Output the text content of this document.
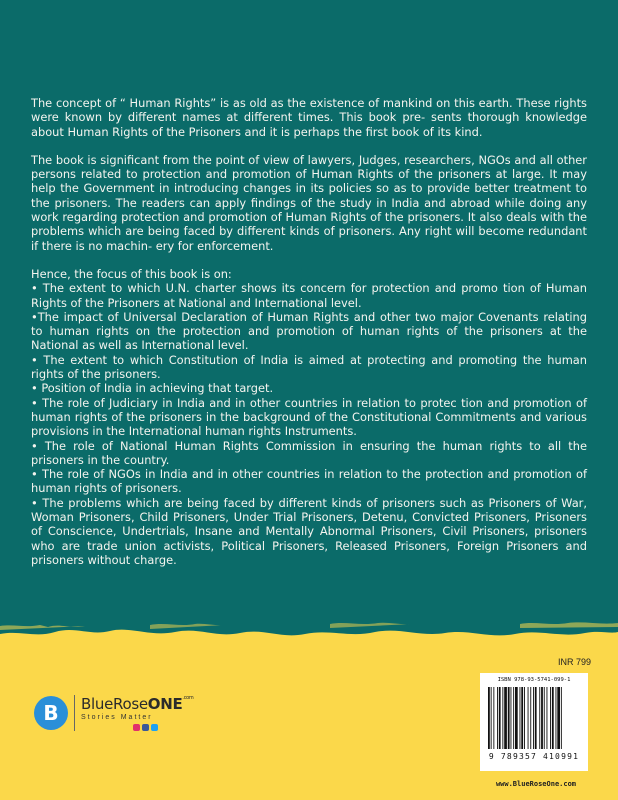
The concept of “ Human Rights” is as old as the existence of mankind on this earth. These rights were known by different names at different times. This book pre- sents thorough knowledge about Human Rights of the Prisoners and it is perhaps the first book of its kind.

The book is significant from the point of view of lawyers, Judges, researchers, NGOs and all other persons related to protection and promotion of Human Rights of the prisoners at large. It may help the Government in introducing changes in its policies so as to provide better treatment to the prisoners. The readers can apply findings of the study in India and abroad while doing any work regarding protection and promotion of Human Rights of the prisoners. It also deals with the problems which are being faced by different kinds of prisoners. Any right will become redundant if there is no machin- ery for enforcement.

Hence, the focus of this book is on:

• The extent to which U.N. charter shows its concern for protection and promo tion of Human Rights of the Prisoners at National and International level.

•The impact of Universal Declaration of Human Rights and other two major Covenants relating to human rights on the protection and promotion of human rights of the prisoners at the National as well as International level.

• The extent to which Constitution of India is aimed at protecting and promoting the human rights of the prisoners.

• Position of India in achieving that target.

• The role of Judiciary in India and in other countries in relation to protec tion and promotion of human rights of the prisoners in the background of the Constitutional Commitments and various provisions in the International human rights Instruments.

• The role of National Human Rights Commission in ensuring the human rights to all the prisoners in the country.

• The role of NGOs in India and in other countries in relation to the protection and promotion of human rights of prisoners.

• The problems which are being faced by different kinds of prisoners such as Prisoners of War, Woman Prisoners, Child Prisoners, Under Trial Prisoners, Detenu, Convicted Prisoners, Prisoners of Conscience, Undertrials, Insane and Mentally Abnormal Prisoners, Civil Prisoners, prisoners who are trade union activists, Political Prisoners, Released Prisoners, Foreign Prisoners and prisoners without charge.

B	BlueRoseONE$^{.com}$
Stories Matter
INR 799
ISBN 978-93-5741-099-1
9 789357 410991
www.BlueRoseOne.com
